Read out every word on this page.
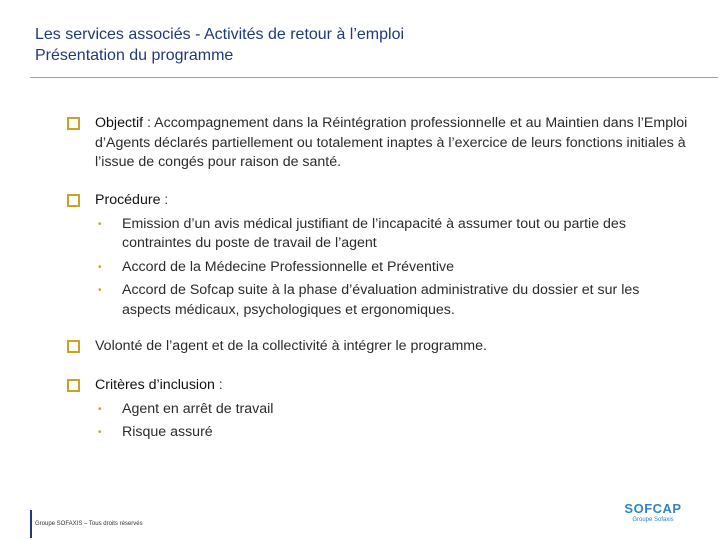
Les services associés - Activités de retour à l’emploi
Présentation du programme
Objectif : Accompagnement dans la Réintégration professionnelle et au Maintien dans l’Emploi d’Agents déclarés partiellement ou totalement inaptes à l’exercice de leurs fonctions initiales à l’issue de congés pour raison de santé.
Procédure :
• Emission d’un avis médical justifiant de l’incapacité à assumer tout ou partie des contraintes du poste de travail de l’agent
• Accord de la Médecine Professionnelle et Préventive
• Accord de Sofcap suite à la phase d’évaluation administrative du dossier et sur les aspects médicaux, psychologiques et ergonomiques.
Volonté de l’agent et de la collectivité à intégrer le programme.
Critères d’inclusion :
• Agent en arrêt de travail
• Risque assuré
Groupe SOFAXIS – Tous droits réservés
SOFCAP
Groupe Sofaxis
